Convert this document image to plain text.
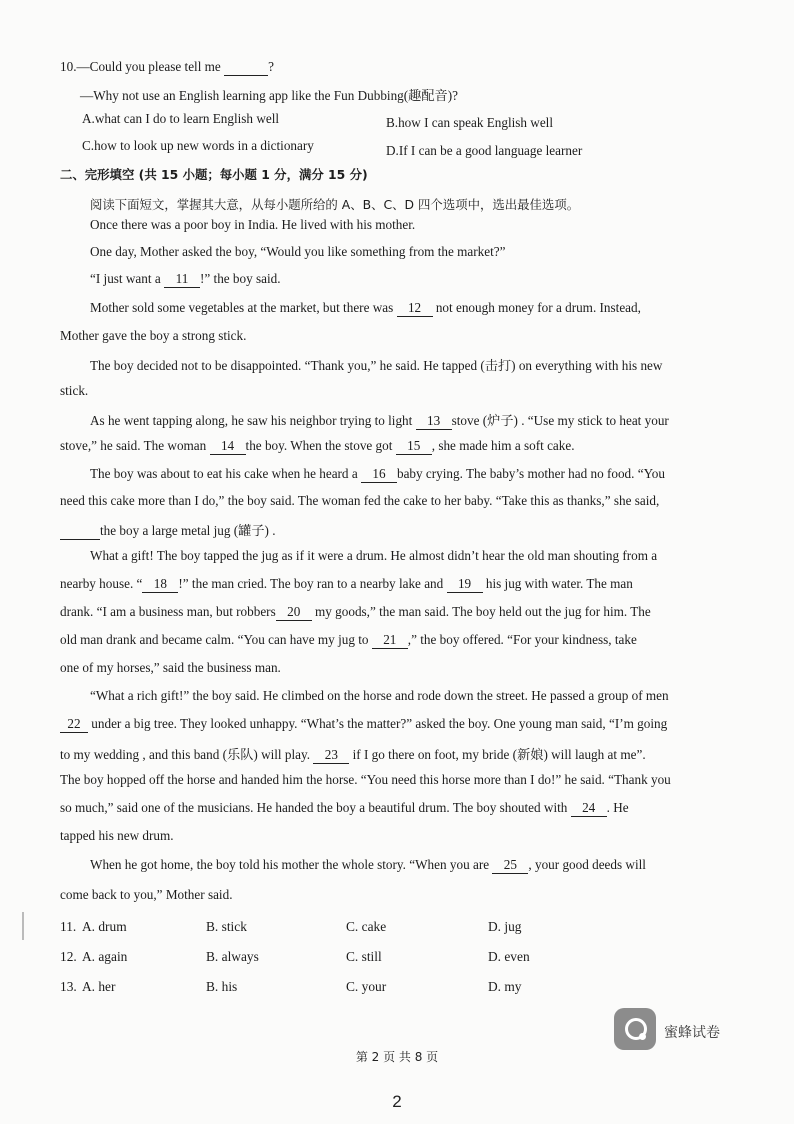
10.—Could you please tell me	?
—Why not use an English learning app like the Fun Dubbing(趣配音)?
A.what can I do to learn English well	B.how I can speak English well
C.how to look up new words in a dictionary	D.If I can be a good language learner
二、完形填空 (共 15 小题；每小题 1 分，满分 15 分)
阅读下面短文，掌握其大意，从每小题所给的 A、B、C、D 四个选项中，选出最佳选项。
Once there was a poor boy in India. He lived with his mother.
One day, Mother asked the boy, “Would you like something from the market?”
“I just want a 11 !” the boy said.
Mother sold some vegetables at the market, but there was 12 not enough money for a drum. Instead,
Mother gave the boy a strong stick.
The boy decided not to be disappointed. “Thank you,” he said. He tapped (击打) on everything with his new
stick.
As he went tapping along, he saw his neighbor trying to light 13 stove (炉子) . “Use my stick to heat your
stove,” he said. The woman 14 the boy. When the stove got 15 , she made him a soft cake.
The boy was about to eat his cake when he heard a 16 baby crying. The baby’s mother had no food. “You
need this cake more than I do,” the boy said. The woman fed the cake to her baby. “Take this as thanks,” she said,
the boy a large metal jug (罐子) .
What a gift! The boy tapped the jug as if it were a drum. He almost didn’t hear the old man shouting from a
nearby house. “ 18 !” the man cried. The boy ran to a nearby lake and 19 his jug with water. The man
drank. “I am a business man, but robbers 20 my goods,” the man said. The boy held out the jug for him. The
old man drank and became calm. “You can have my jug to 21 ,” the boy offered. “For your kindness, take
one of my horses,” said the business man.
“What a rich gift!” the boy said. He climbed on the horse and rode down the street. He passed a group of men
22 under a big tree. They looked unhappy. “What’s the matter?” asked the boy. One young man said, “I’m going
to my wedding , and this band (乐队) will play. 23 if I go there on foot, my bride (新娘) will laugh at me”.
The boy hopped off the horse and handed him the horse. “You need this horse more than I do!” he said. “Thank you
so much,” said one of the musicians. He handed the boy a beautiful drum. The boy shouted with 24 . He
tapped his new drum.
When he got home, the boy told his mother the whole story. “When you are 25 , your good deeds will
come back to you,” Mother said.
11. A. drum	B. stick	C. cake	D. jug
12. A. again	B. always	C. still	D. even
13. A. her	B. his	C. your	D. my
蜜蜂试卷
第 2 页 共 8 页
2
